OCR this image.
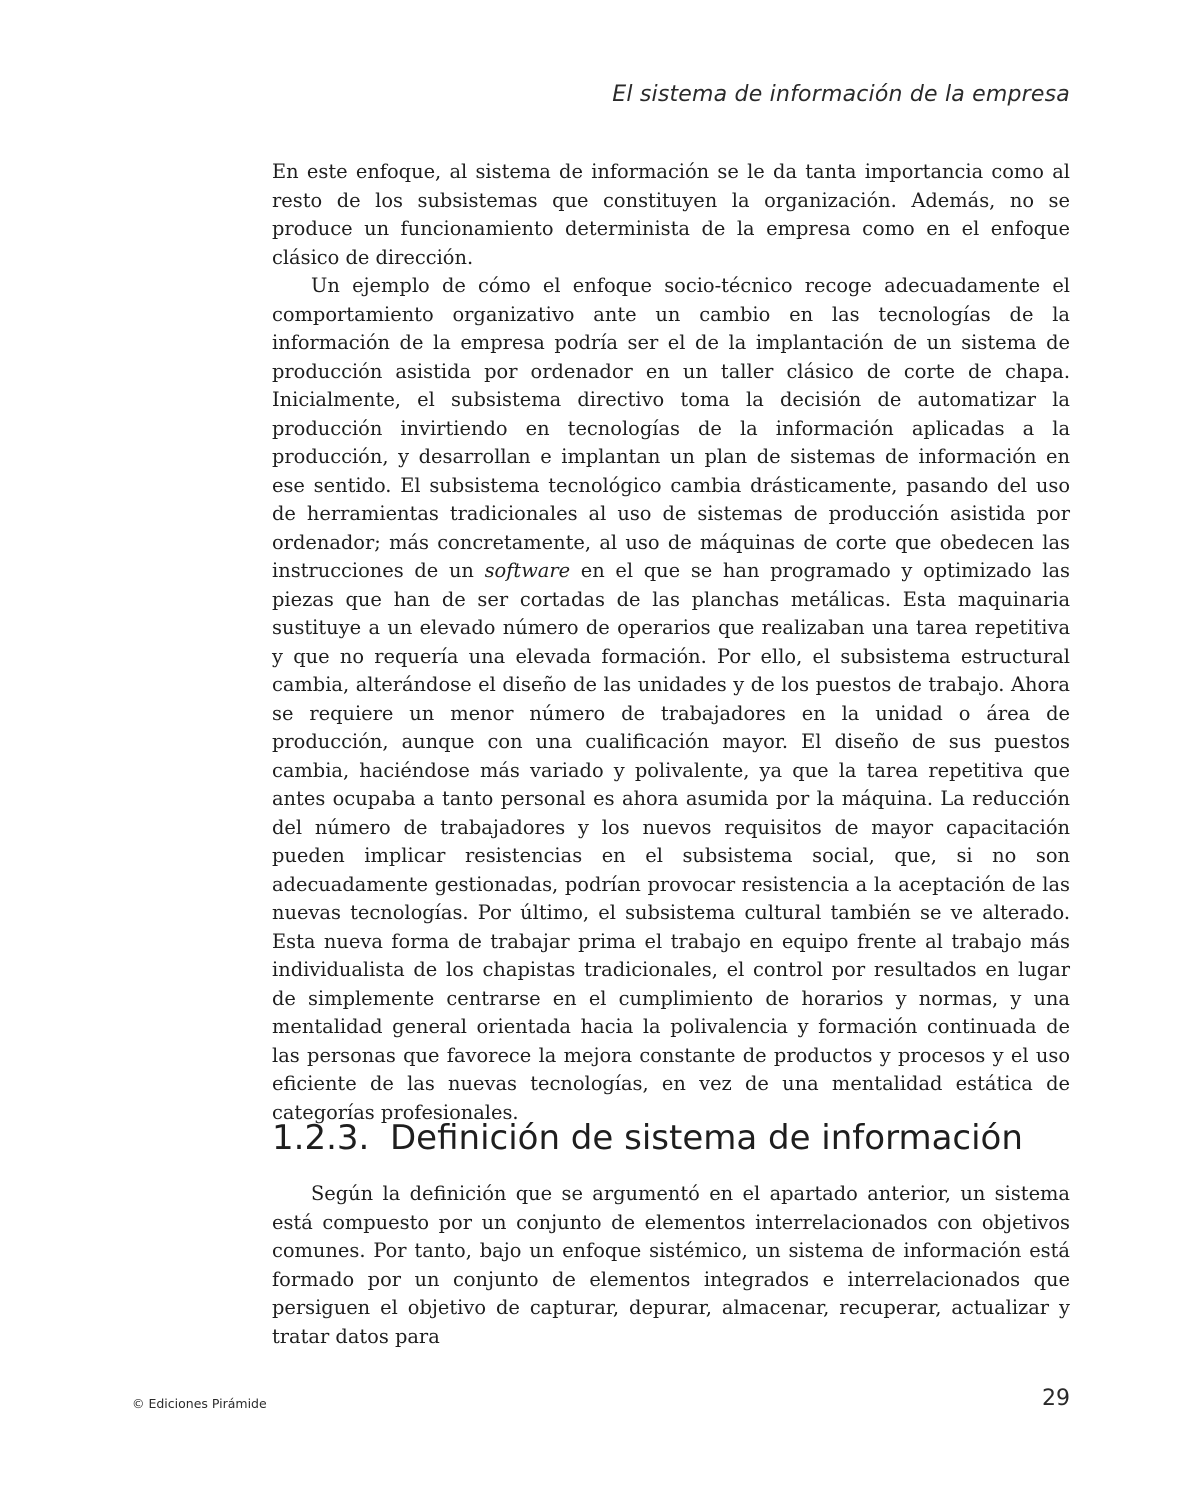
El sistema de información de la empresa

En este enfoque, al sistema de información se le da tanta importancia como al resto de los subsistemas que constituyen la organización. Además, no se produce un funcionamiento determinista de la empresa como en el enfoque clásico de dirección.

Un ejemplo de cómo el enfoque socio-técnico recoge adecuadamente el comportamiento organizativo ante un cambio en las tecnologías de la información de la empresa podría ser el de la implantación de un sistema de producción asistida por ordenador en un taller clásico de corte de chapa. Inicialmente, el subsistema directivo toma la decisión de automatizar la producción invirtiendo en tecnologías de la información aplicadas a la producción, y desarrollan e implantan un plan de sistemas de información en ese sentido. El subsistema tecnológico cambia drásticamente, pasando del uso de herramientas tradicionales al uso de sistemas de producción asistida por ordenador; más concretamente, al uso de máquinas de corte que obedecen las instrucciones de un software en el que se han programado y optimizado las piezas que han de ser cortadas de las planchas metálicas. Esta maquinaria sustituye a un elevado número de operarios que realizaban una tarea repetitiva y que no requería una elevada formación. Por ello, el subsistema estructural cambia, alterándose el diseño de las unidades y de los puestos de trabajo. Ahora se requiere un menor número de trabajadores en la unidad o área de producción, aunque con una cualificación mayor. El diseño de sus puestos cambia, haciéndose más variado y polivalente, ya que la tarea repetitiva que antes ocupaba a tanto personal es ahora asumida por la máquina. La reducción del número de trabajadores y los nuevos requisitos de mayor capacitación pueden implicar resistencias en el subsistema social, que, si no son adecuadamente gestionadas, podrían provocar resistencia a la aceptación de las nuevas tecnologías. Por último, el subsistema cultural también se ve alterado. Esta nueva forma de trabajar prima el trabajo en equipo frente al trabajo más individualista de los chapistas tradicionales, el control por resultados en lugar de simplemente centrarse en el cumplimiento de horarios y normas, y una mentalidad general orientada hacia la polivalencia y formación continuada de las personas que favorece la mejora constante de productos y procesos y el uso eficiente de las nuevas tecnologías, en vez de una mentalidad estática de categorías profesionales.

1.2.3. Definición de sistema de información

Según la definición que se argumentó en el apartado anterior, un sistema está compuesto por un conjunto de elementos interrelacionados con objetivos comunes. Por tanto, bajo un enfoque sistémico, un sistema de información está formado por un conjunto de elementos integrados e interrelacionados que persiguen el objetivo de capturar, depurar, almacenar, recuperar, actualizar y tratar datos para

© Ediciones Pirámide	29
